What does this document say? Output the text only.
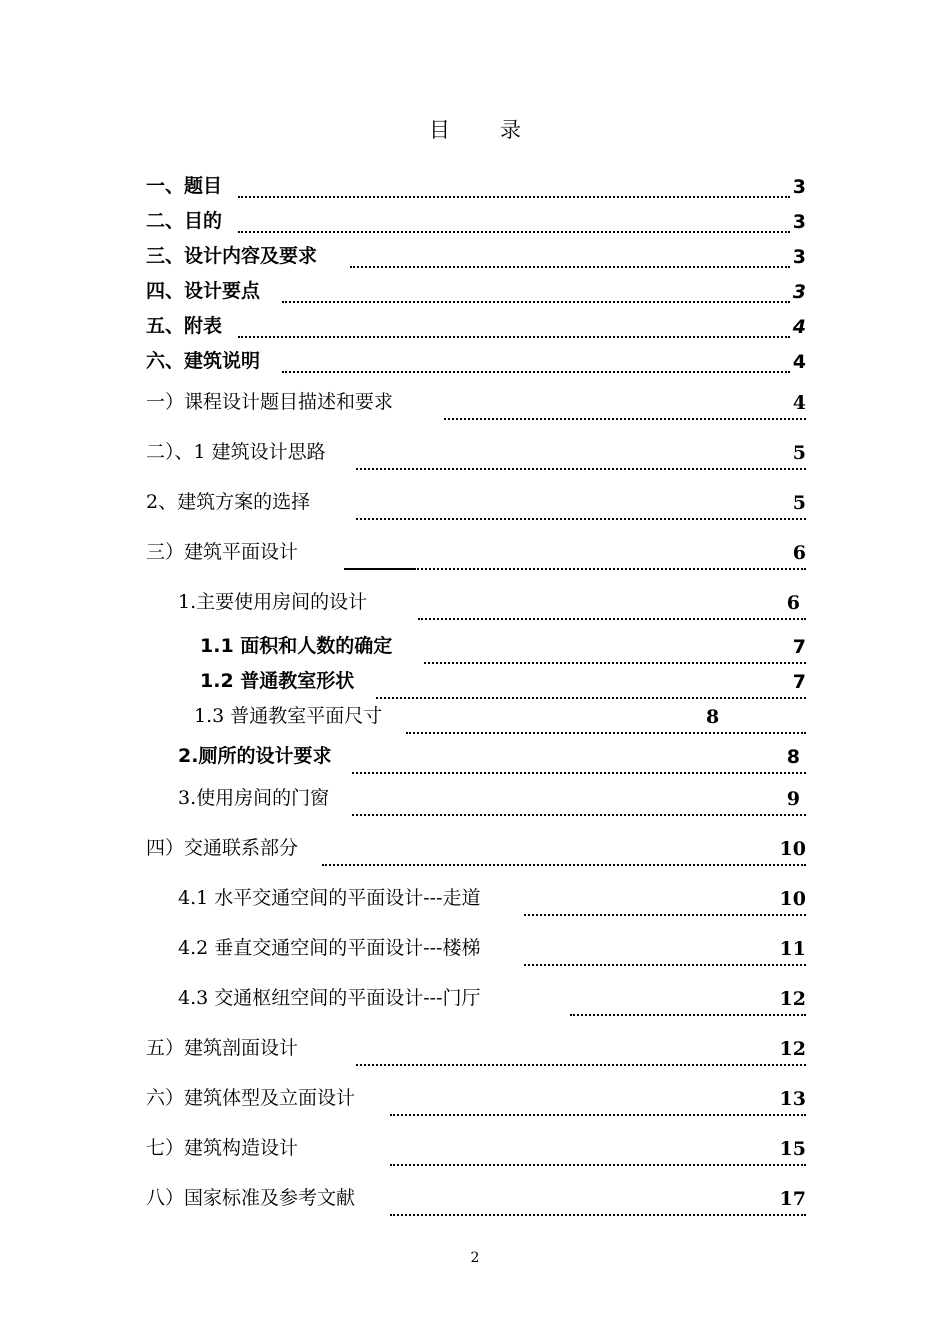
目 录
一、题目	3
二、目的	3
三、设计内容及要求	3
四、设计要点	3
五、附表	4
六、建筑说明	4
一）课程设计题目描述和要求	4
二）、1 建筑设计思路	5
2、建筑方案的选择	5
三）建筑平面设计	6
1.主要使用房间的设计	6
1.1 面积和人数的确定	7
1.2 普通教室形状	7
1.3 普通教室平面尺寸	8
2.厕所的设计要求	8
3.使用房间的门窗	9
四）交通联系部分	10
4.1 水平交通空间的平面设计---走道	10
4.2 垂直交通空间的平面设计---楼梯	11
4.3 交通枢纽空间的平面设计---门厅	12
五）建筑剖面设计	12
六）建筑体型及立面设计	13
七）建筑构造设计	15
八）国家标准及参考文献	17
2
